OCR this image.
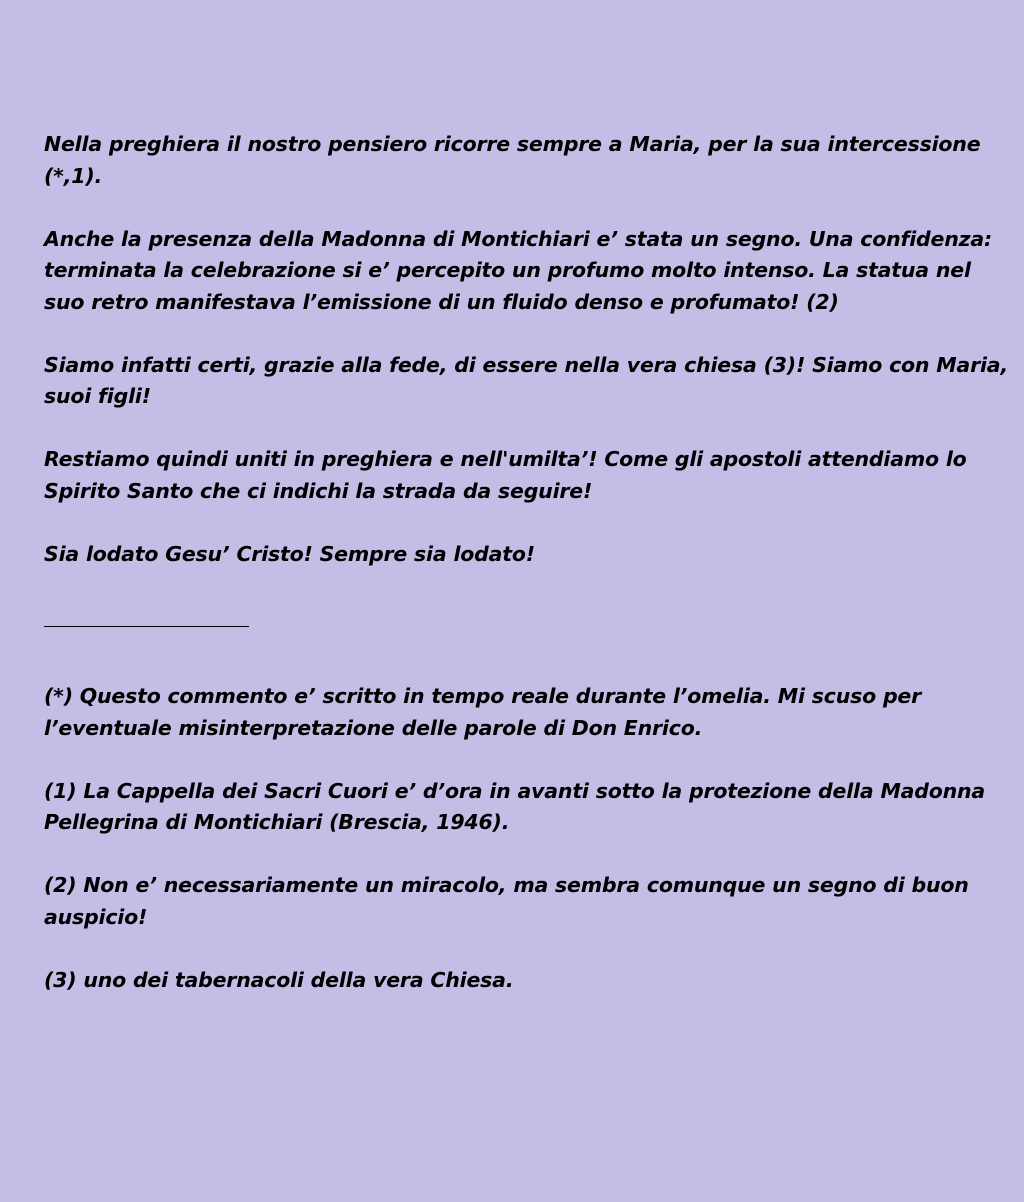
Nella preghiera il nostro pensiero ricorre sempre a Maria, per la sua intercessione (*,1).

Anche la presenza della Madonna di Montichiari e’ stata un segno. Una confidenza: terminata la celebrazione si e’ percepito un profumo molto intenso. La statua nel suo retro manifestava l’emissione di un fluido denso e profumato! (2)

Siamo infatti certi, grazie alla fede, di essere nella vera chiesa (3)! Siamo con Maria, suoi figli!

Restiamo quindi uniti in preghiera e nell'umilta’! Come gli apostoli attendiamo lo Spirito Santo che ci indichi la strada da seguire!

Sia lodato Gesu’ Cristo! Sempre sia lodato!

(*) Questo commento e’ scritto in tempo reale durante l’omelia. Mi scuso per l’eventuale misinterpretazione delle parole di Don Enrico.

(1) La Cappella dei Sacri Cuori e’ d’ora in avanti sotto la protezione della Madonna Pellegrina di Montichiari (Brescia, 1946).

(2) Non e’ necessariamente un miracolo, ma sembra comunque un segno di buon auspicio!

(3) uno dei tabernacoli della vera Chiesa.
